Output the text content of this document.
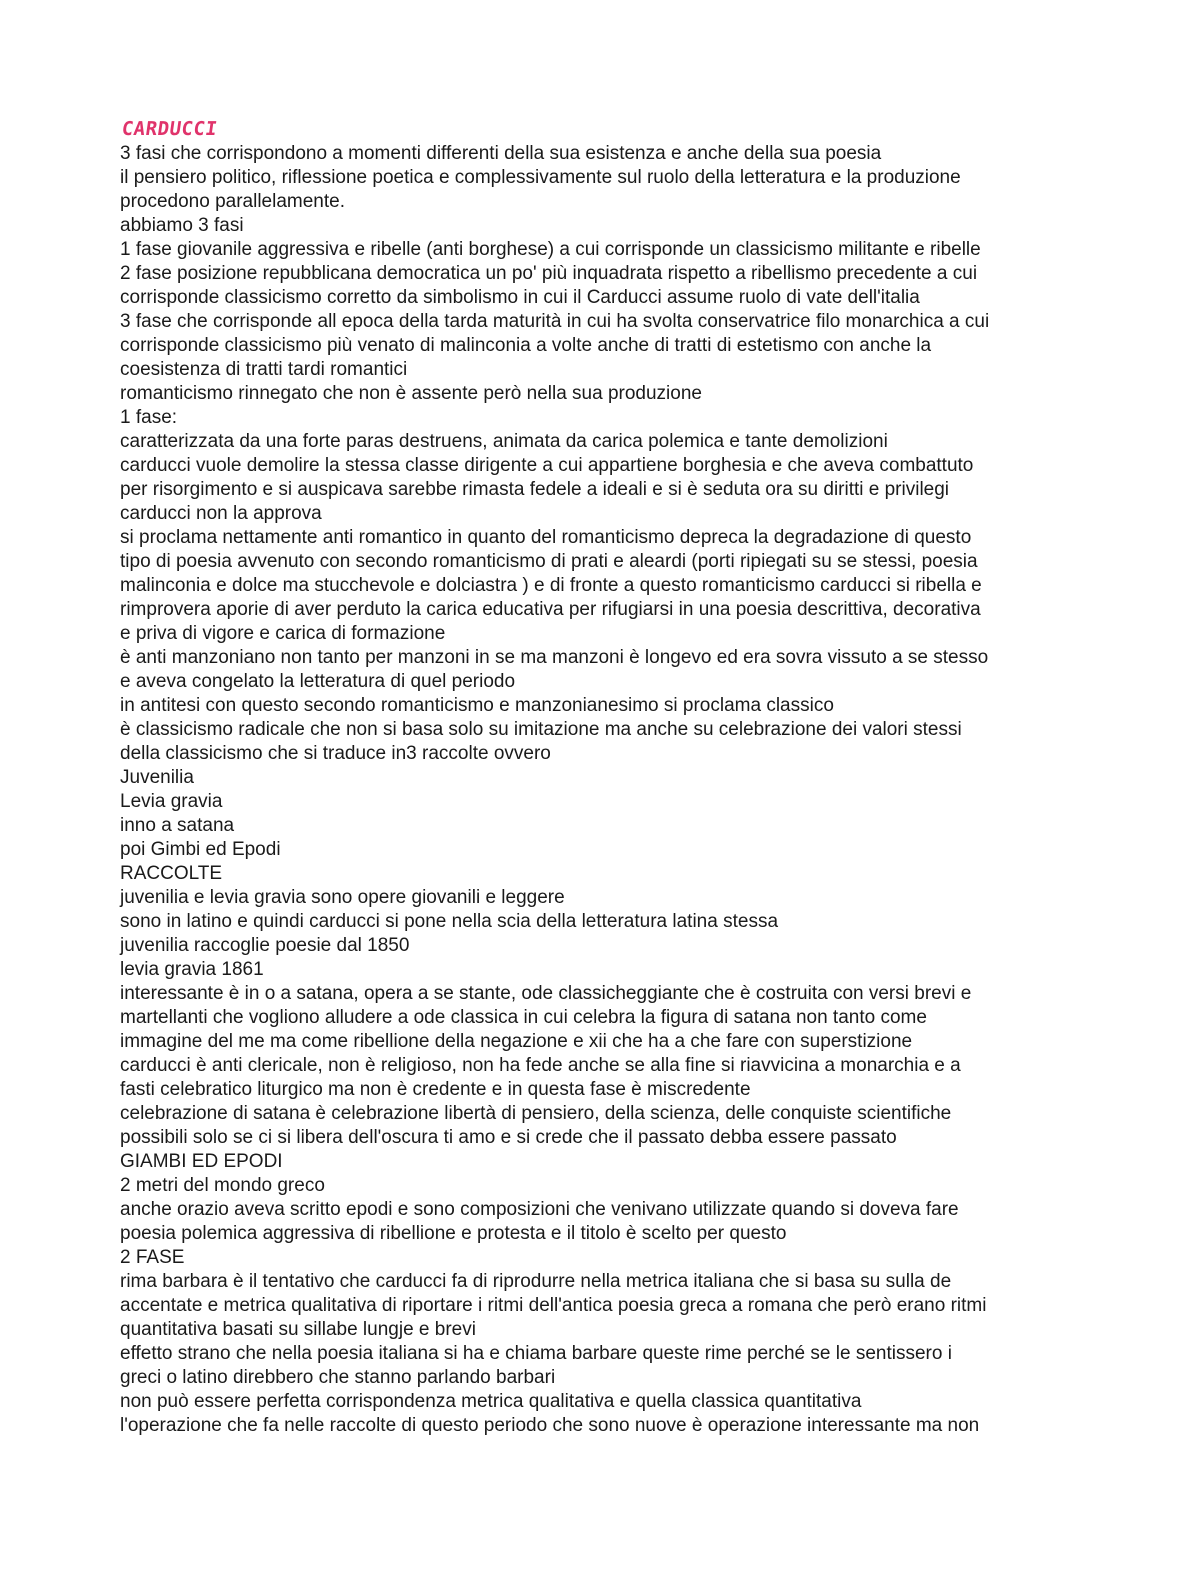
CARDUCCI

3 fasi che corrispondono a momenti differenti della sua esistenza e anche della sua poesia

il pensiero politico, riflessione poetica e complessivamente sul ruolo della letteratura e la produzione

procedono parallelamente.

abbiamo 3 fasi

1 fase giovanile aggressiva e ribelle (anti borghese) a cui corrisponde un classicismo militante e ribelle

2 fase posizione repubblicana democratica un po' più inquadrata rispetto a ribellismo precedente a cui

corrisponde classicismo corretto da simbolismo in cui il Carducci assume ruolo di vate dell'italia

3 fase che corrisponde all epoca della tarda maturità in cui ha svolta conservatrice filo monarchica a cui

corrisponde classicismo più venato di malinconia a volte anche di tratti di estetismo con anche la

coesistenza di tratti tardi romantici

romanticismo rinnegato che non è assente però nella sua produzione

1 fase:

caratterizzata da una forte paras destruens, animata da carica polemica e tante demolizioni

carducci vuole demolire la stessa classe dirigente a cui appartiene borghesia e che aveva combattuto

per risorgimento e si auspicava sarebbe rimasta fedele a ideali e si è seduta ora su diritti e privilegi

carducci non la approva

si proclama nettamente anti romantico in quanto del romanticismo depreca la degradazione di questo

tipo di poesia avvenuto con secondo romanticismo di prati e aleardi (porti ripiegati su se stessi, poesia

malinconia e dolce ma stucchevole e dolciastra ) e di fronte a questo romanticismo carducci si ribella e

rimprovera aporie di aver perduto la carica educativa per rifugiarsi in una poesia descrittiva, decorativa

e priva di vigore e carica di formazione

è anti manzoniano non tanto per manzoni in se ma manzoni è longevo ed era sovra vissuto a se stesso

e aveva congelato la letteratura di quel periodo

in antitesi con questo secondo romanticismo e manzonianesimo si proclama classico

è classicismo radicale che non si basa solo su imitazione ma anche su celebrazione dei valori stessi

della classicismo che si traduce in3 raccolte ovvero

Juvenilia

Levia gravia

inno a satana

poi Gimbi ed Epodi

RACCOLTE

juvenilia e levia gravia sono opere giovanili e leggere

sono in latino e quindi carducci si pone nella scia della letteratura latina stessa

juvenilia raccoglie poesie dal 1850

levia gravia 1861

interessante è in o a satana, opera a se stante, ode classicheggiante che è costruita con versi brevi e

martellanti che vogliono alludere a ode classica in cui celebra la figura di satana non tanto come

immagine del me ma come ribellione della negazione e xii che ha a che fare con superstizione

carducci è anti clericale, non è religioso, non ha fede anche se alla fine si riavvicina a monarchia e a

fasti celebratico liturgico ma non è credente e in questa fase è miscredente

celebrazione di satana è celebrazione libertà di pensiero, della scienza, delle conquiste scientifiche

possibili solo se ci si libera dell'oscura ti amo e si crede che il passato debba essere passato

GIAMBI ED EPODI

2 metri del mondo greco

anche orazio aveva scritto epodi e sono composizioni che venivano utilizzate quando si doveva fare

poesia polemica aggressiva di ribellione e protesta e il titolo è scelto per questo

2 FASE

rima barbara è il tentativo che carducci fa di riprodurre nella metrica italiana che si basa su sulla de

accentate e metrica qualitativa di riportare i ritmi dell'antica poesia greca a romana che però erano ritmi

quantitativa basati su sillabe lungje e brevi

effetto strano che nella poesia italiana si ha e chiama barbare queste rime perché se le sentissero i

greci o latino direbbero che stanno parlando barbari

non può essere perfetta corrispondenza metrica qualitativa e quella classica quantitativa

l'operazione che fa nelle raccolte di questo periodo che sono nuove è operazione interessante ma non
